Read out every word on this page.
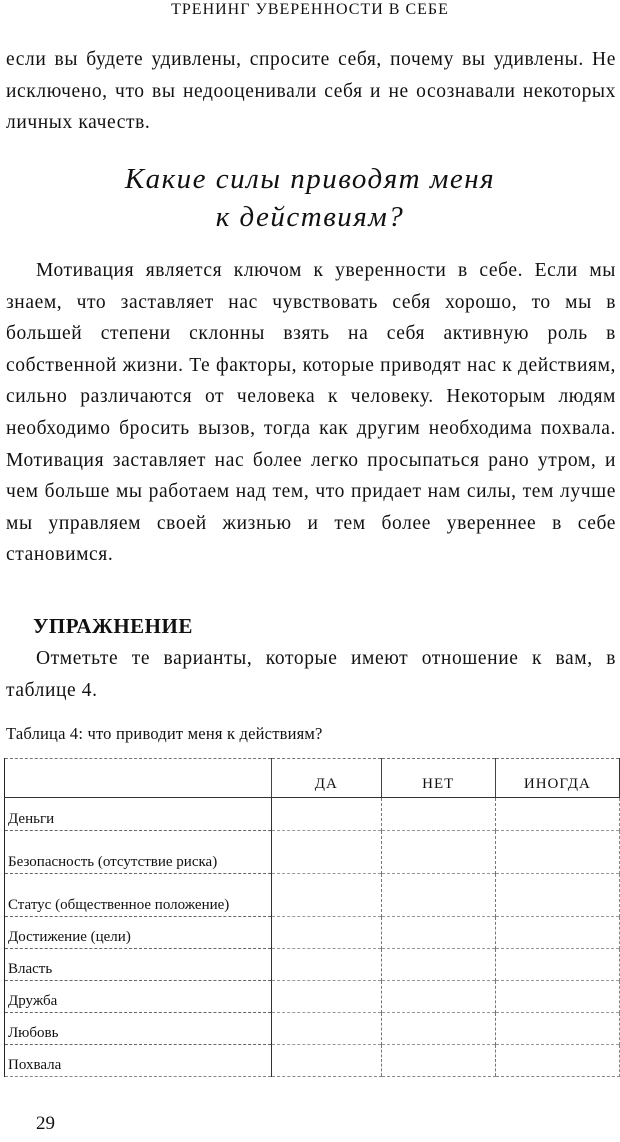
ТРЕНИНГ УВЕРЕННОСТИ В СЕБЕ
если вы будете удивлены, спросите себя, почему вы удивлены. Не исключено, что вы недооценивали себя и не осознавали некоторых личных качеств.
Какие силы приводят меня
к действиям?
Мотивация является ключом к уверенности в себе. Если мы знаем, что заставляет нас чувствовать себя хорошо, то мы в большей степени склонны взять на себя активную роль в собственной жизни. Те факторы, которые приводят нас к действиям, сильно различаются от человека к человеку. Некоторым людям необходимо бросить вызов, тогда как другим необходима похвала. Мотивация заставляет нас более легко просыпаться рано утром, и чем больше мы работаем над тем, что придает нам силы, тем лучше мы управляем своей жизнью и тем более увереннее в себе становимся.
УПРАЖНЕНИЕ
Отметьте те варианты, которые имеют отношение к вам, в таблице 4.
Таблица 4: что приводит меня к действиям?
	ДА	НЕТ	ИНОГДА
Деньги			
Безопасность (отсутствие риска)			
Статус (общественное положение)			
Достижение (цели)			
Власть			
Дружба			
Любовь			
Похвала			
29
